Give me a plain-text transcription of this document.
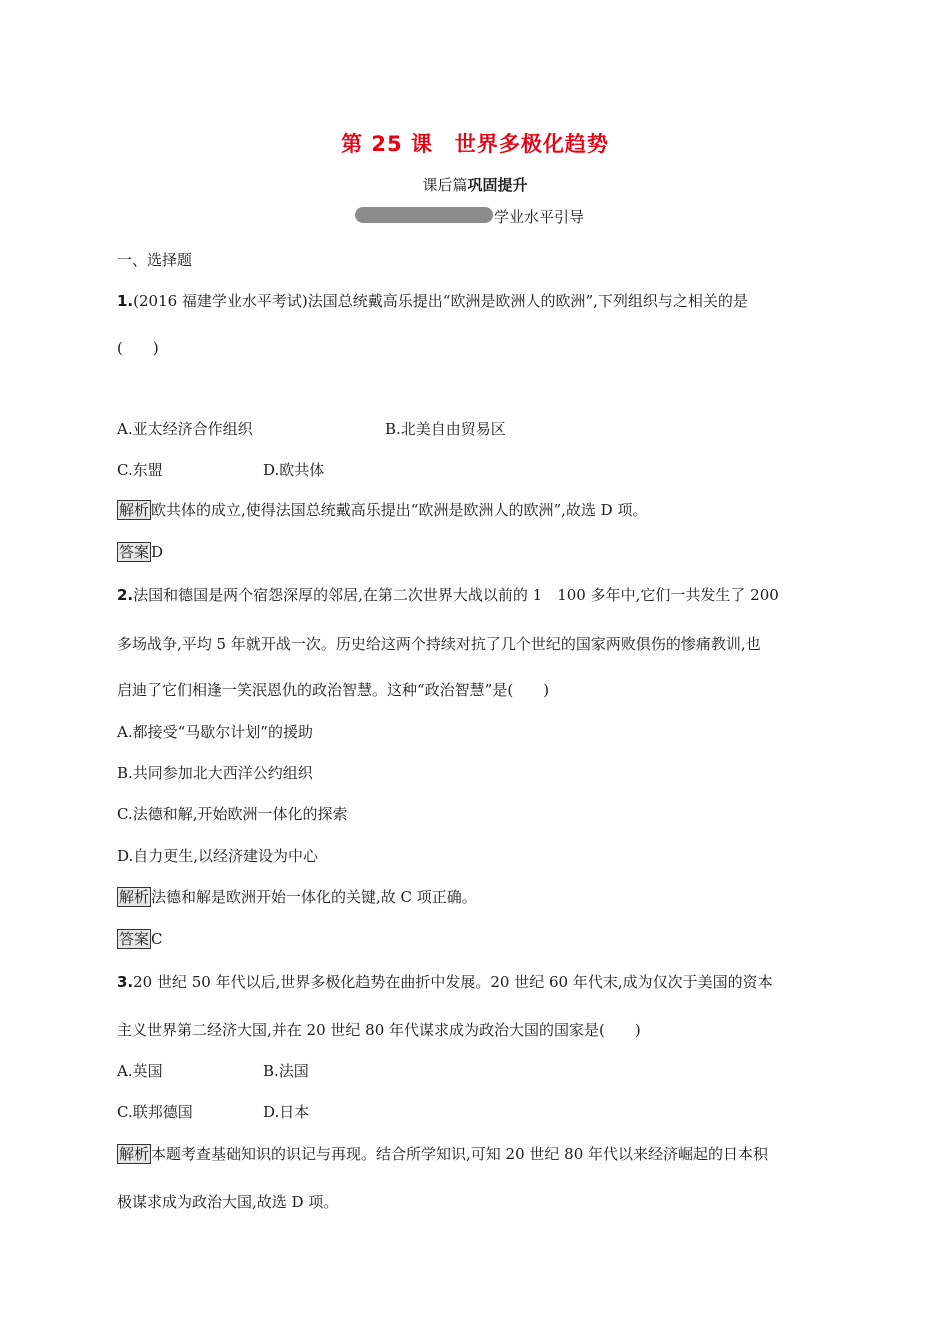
第 25 课　世界多极化趋势
课后篇巩固提升
学业水平引导
一、选择题
1.(2016 福建学业水平考试)法国总统戴高乐提出“欧洲是欧洲人的欧洲”,下列组织与之相关的是
(　　)
A.亚太经济合作组织	B.北美自由贸易区
C.东盟	D.欧共体
解析 欧共体的成立,使得法国总统戴高乐提出“欧洲是欧洲人的欧洲”,故选 D 项。
答案 D
2.法国和德国是两个宿怨深厚的邻居,在第二次世界大战以前的 1　100 多年中,它们一共发生了 200
多场战争,平均 5 年就开战一次。历史给这两个持续对抗了几个世纪的国家两败俱伤的惨痛教训,也
启迪了它们相逢一笑泯恩仇的政治智慧。这种“政治智慧”是(　　)
A.都接受“马歇尔计划”的援助
B.共同参加北大西洋公约组织
C.法德和解,开始欧洲一体化的探索
D.自力更生,以经济建设为中心
解析 法德和解是欧洲开始一体化的关键,故 C 项正确。
答案 C
3.20 世纪 50 年代以后,世界多极化趋势在曲折中发展。20 世纪 60 年代末,成为仅次于美国的资本
主义世界第二经济大国,并在 20 世纪 80 年代谋求成为政治大国的国家是(　　)
A.英国	B.法国
C.联邦德国	D.日本
解析 本题考查基础知识的识记与再现。结合所学知识,可知 20 世纪 80 年代以来经济崛起的日本积
极谋求成为政治大国,故选 D 项。
